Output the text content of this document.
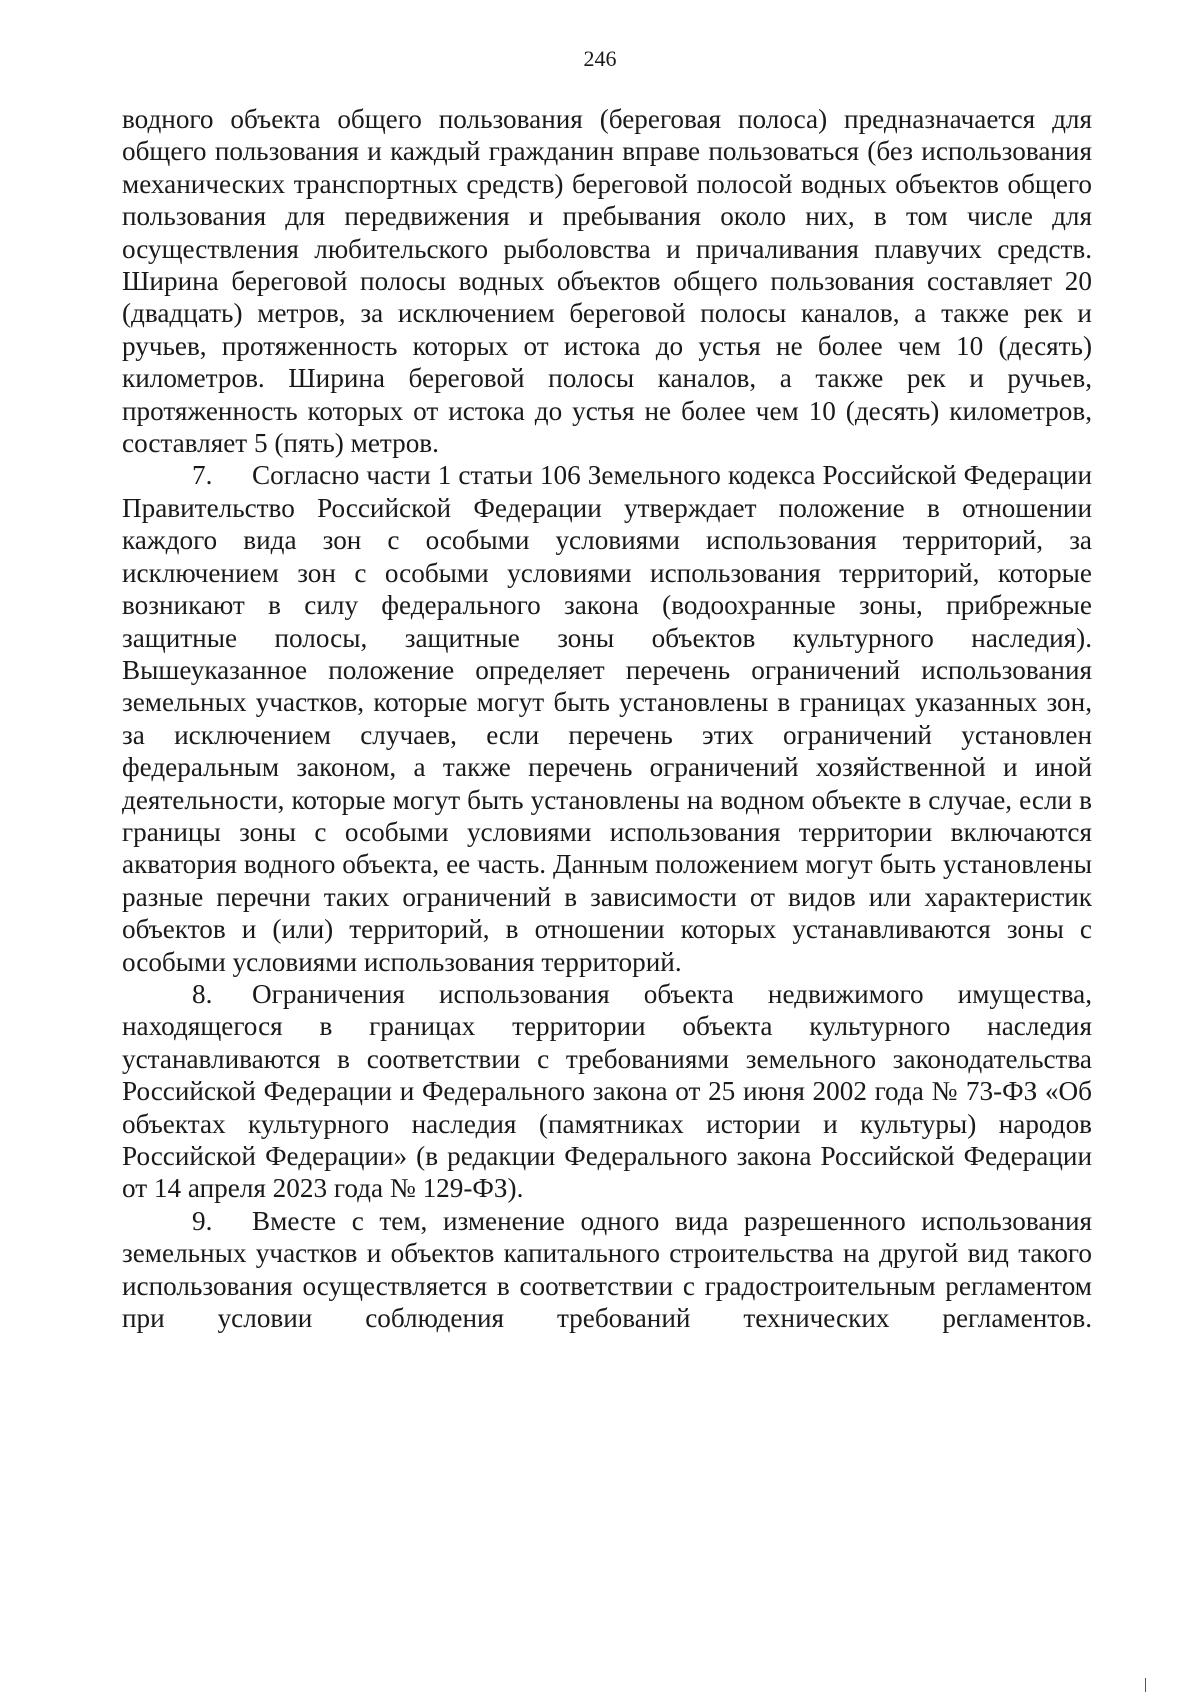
246

водного объекта общего пользования (береговая полоса) предназначается для общего пользования и каждый гражданин вправе пользоваться (без использования механических транспортных средств) береговой полосой водных объектов общего пользования для передвижения и пребывания около них, в том числе для осуществления любительского рыболовства и причаливания плавучих средств. Ширина береговой полосы водных объектов общего пользования составляет 20 (двадцать) метров, за исключением береговой полосы каналов, а также рек и ручьев, протяженность которых от истока до устья не более чем 10 (десять) километров. Ширина береговой полосы каналов, а также рек и ручьев, протяженность которых от истока до устья не более чем 10 (десять) километров, составляет 5 (пять) метров.

7. Согласно части 1 статьи 106 Земельного кодекса Российской Федерации Правительство Российской Федерации утверждает положение в отношении каждого вида зон с особыми условиями использования территорий, за исключением зон с особыми условиями использования территорий, которые возникают в силу федерального закона (водоохранные зоны, прибрежные защитные полосы, защитные зоны объектов культурного наследия). Вышеуказанное положение определяет перечень ограничений использования земельных участков, которые могут быть установлены в границах указанных зон, за исключением случаев, если перечень этих ограничений установлен федеральным законом, а также перечень ограничений хозяйственной и иной деятельности, которые могут быть установлены на водном объекте в случае, если в границы зоны с особыми условиями использования территории включаются акватория водного объекта, ее часть. Данным положением могут быть установлены разные перечни таких ограничений в зависимости от видов или характеристик объектов и (или) территорий, в отношении которых устанавливаются зоны с особыми условиями использования территорий.

8. Ограничения использования объекта недвижимого имущества, находящегося в границах территории объекта культурного наследия устанавливаются в соответствии с требованиями земельного законодательства Российской Федерации и Федерального закона от 25 июня 2002 года № 73-ФЗ «Об объектах культурного наследия (памятниках истории и культуры) народов Российской Федерации» (в редакции Федерального закона Российской Федерации от 14 апреля 2023 года № 129-ФЗ).

9. Вместе с тем, изменение одного вида разрешенного использования земельных участков и объектов капитального строительства на другой вид такого использования осуществляется в соответствии с градостроительным регламентом при условии соблюдения требований технических регламентов.
